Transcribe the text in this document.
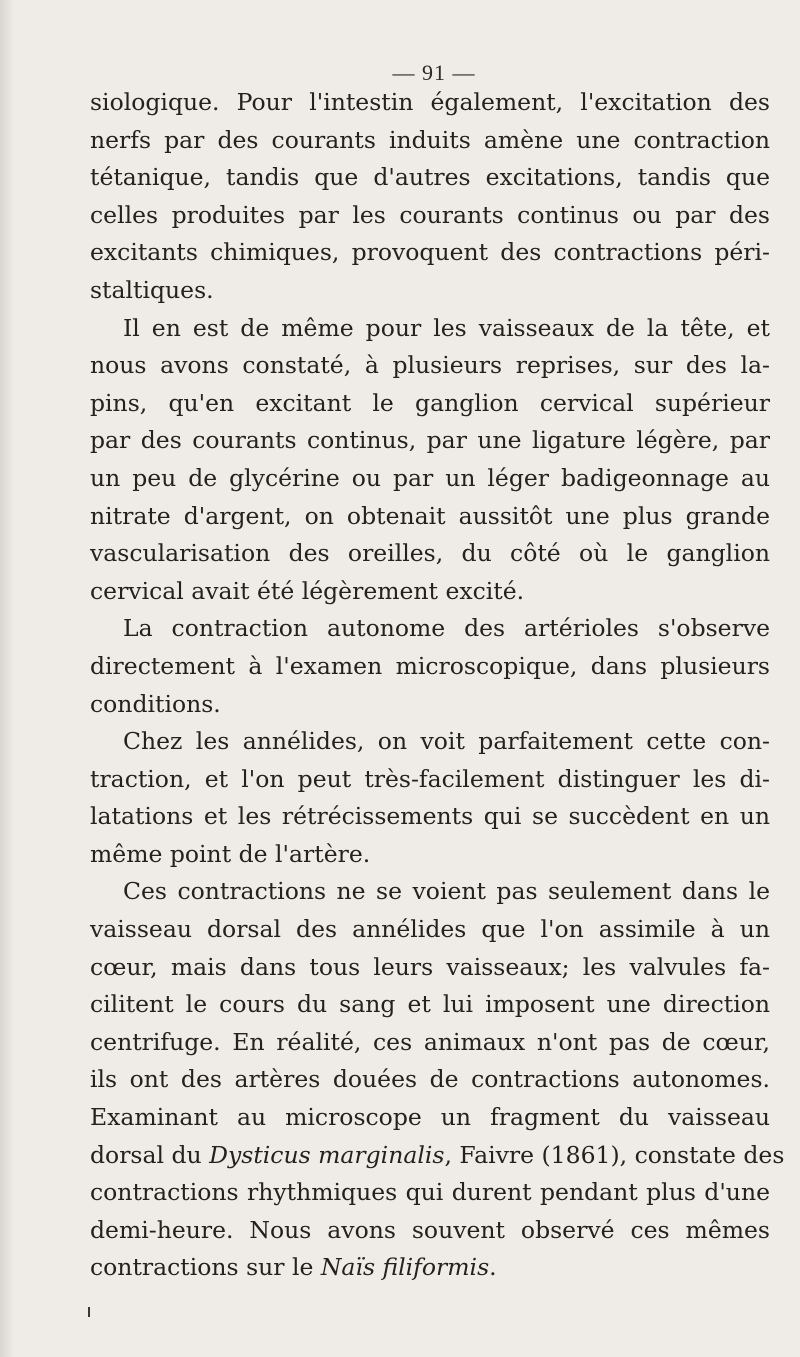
— 91 —
siologique. Pour l'intestin également, l'excitation des
nerfs par des courants induits amène une contraction
tétanique, tandis que d'autres excitations, tandis que
celles produites par les courants continus ou par des
excitants chimiques, provoquent des contractions péri-
staltiques.
Il en est de même pour les vaisseaux de la tête, et
nous avons constaté, à plusieurs reprises, sur des la-
pins, qu'en excitant le ganglion cervical supérieur
par des courants continus, par une ligature légère, par
un peu de glycérine ou par un léger badigeonnage au
nitrate d'argent, on obtenait aussitôt une plus grande
vascularisation des oreilles, du côté où le ganglion
cervical avait été légèrement excité.
La contraction autonome des artérioles s'observe
directement à l'examen microscopique, dans plusieurs
conditions.
Chez les annélides, on voit parfaitement cette con-
traction, et l'on peut très-facilement distinguer les di-
latations et les rétrécissements qui se succèdent en un
même point de l'artère.
Ces contractions ne se voient pas seulement dans le
vaisseau dorsal des annélides que l'on assimile à un
cœur, mais dans tous leurs vaisseaux; les valvules fa-
cilitent le cours du sang et lui imposent une direction
centrifuge. En réalité, ces animaux n'ont pas de cœur,
ils ont des artères douées de contractions autonomes.
Examinant au microscope un fragment du vaisseau
dorsal du Dysticus marginalis, Faivre (1861), constate des
contractions rhythmiques qui durent pendant plus d'une
demi-heure. Nous avons souvent observé ces mêmes
contractions sur le Naïs filiformis.
